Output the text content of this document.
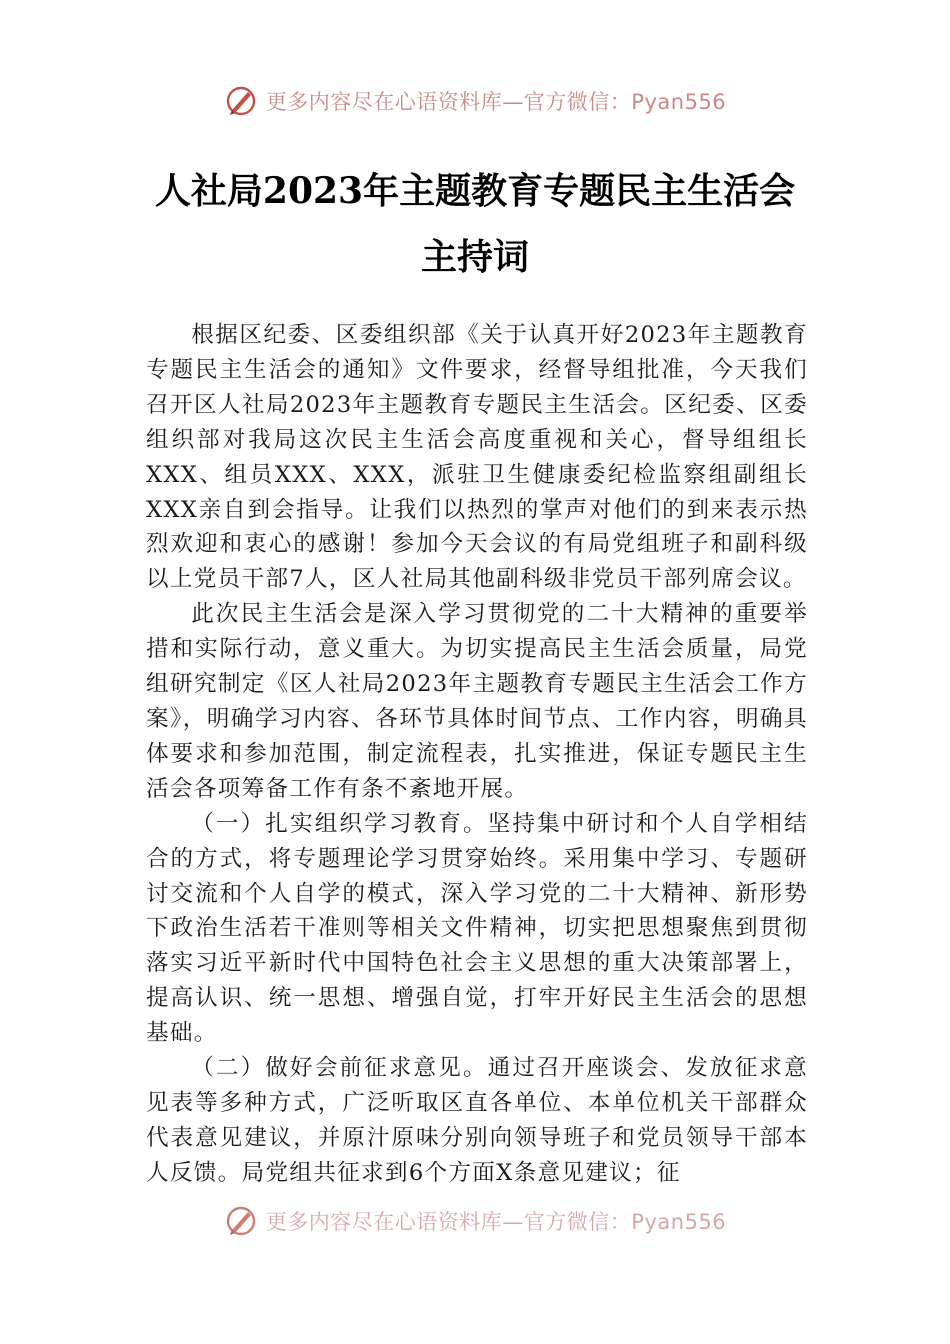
更多内容尽在心语资料库—官方微信：Pyan556
人社局2023年主题教育专题民主生活会主持词

根据区纪委、区委组织部《关于认真开好2023年主题教育专题民主生活会的通知》文件要求，经督导组批准，今天我们召开区人社局2023年主题教育专题民主生活会。区纪委、区委组织部对我局这次民主生活会高度重视和关心，督导组组长XXX、组员XXX、XXX，派驻卫生健康委纪检监察组副组长XXX亲自到会指导。让我们以热烈的掌声对他们的到来表示热烈欢迎和衷心的感谢！参加今天会议的有局党组班子和副科级以上党员干部7人，区人社局其他副科级非党员干部列席会议。

此次民主生活会是深入学习贯彻党的二十大精神的重要举措和实际行动，意义重大。为切实提高民主生活会质量，局党组研究制定《区人社局2023年主题教育专题民主生活会工作方案》，明确学习内容、各环节具体时间节点、工作内容，明确具体要求和参加范围，制定流程表，扎实推进，保证专题民主生活会各项筹备工作有条不紊地开展。

（一）扎实组织学习教育。坚持集中研讨和个人自学相结合的方式，将专题理论学习贯穿始终。采用集中学习、专题研讨交流和个人自学的模式，深入学习党的二十大精神、新形势下政治生活若干准则等相关文件精神，切实把思想聚焦到贯彻落实习近平新时代中国特色社会主义思想的重大决策部署上，提高认识、统一思想、增强自觉，打牢开好民主生活会的思想基础。

（二）做好会前征求意见。通过召开座谈会、发放征求意见表等多种方式，广泛听取区直各单位、本单位机关干部群众代表意见建议，并原汁原味分别向领导班子和党员领导干部本人反馈。局党组共征求到6个方面X条意见建议；征

更多内容尽在心语资料库—官方微信：Pyan556
